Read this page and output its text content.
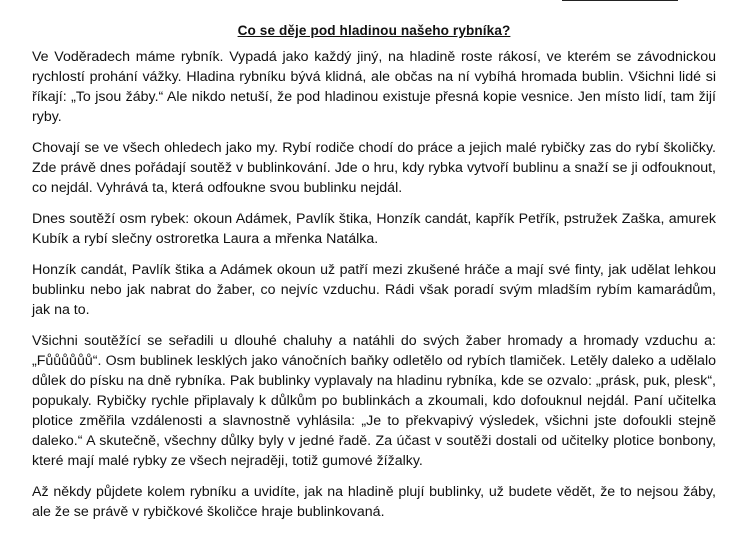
Co se děje pod hladinou našeho rybníka?

Ve Voděradech máme rybník. Vypadá jako každý jiný, na hladině roste rákosí, ve kterém se závodnickou rychlostí prohání vážky. Hladina rybníku bývá klidná, ale občas na ní vybíhá hromada bublin. Všichni lidé si říkají: „To jsou žáby.“ Ale nikdo netuší, že pod hladinou existuje přesná kopie vesnice. Jen místo lidí, tam žijí ryby.

Chovají se ve všech ohledech jako my. Rybí rodiče chodí do práce a jejich malé rybičky zas do rybí školičky. Zde právě dnes pořádají soutěž v bublinkování. Jde o hru, kdy rybka vytvoří bublinu a snaží se ji odfouknout, co nejdál. Vyhrává ta, která odfoukne svou bublinku nejdál.

Dnes soutěží osm rybek: okoun Adámek, Pavlík štika, Honzík candát, kapřík Petřík, pstružek Zaška, amurek Kubík a rybí slečny ostroretka Laura a mřenka Natálka.

Honzík candát, Pavlík štika a Adámek okoun už patří mezi zkušené hráče a mají své finty, jak udělat lehkou bublinku nebo jak nabrat do žaber, co nejvíc vzduchu. Rádi však poradí svým mladším rybím kamarádům, jak na to.

Všichni soutěžící se seřadili u dlouhé chaluhy a natáhli do svých žaber hromady a hromady vzduchu a: „Fůůůůůů“. Osm bublinek lesklých jako vánočních baňky odletělo od rybích tlamiček. Letěly daleko a udělalo důlek do písku na dně rybníka. Pak bublinky vyplavaly na hladinu rybníka, kde se ozvalo: „prásk, puk, plesk“, popukaly. Rybičky rychle připlavaly k důlkům po bublinkách a zkoumali, kdo dofouknul nejdál. Paní učitelka plotice změřila vzdálenosti a slavnostně vyhlásila: „Je to překvapivý výsledek, všichni jste dofoukli stejně daleko.“ A skutečně, všechny důlky byly v jedné řadě. Za účast v soutěži dostali od učitelky plotice bonbony, které mají malé rybky ze všech nejraději, totiž gumové žížalky.

Až někdy půjdete kolem rybníku a uvidíte, jak na hladině plují bublinky, už budete vědět, že to nejsou žáby, ale že se právě v rybičkové školičce hraje bublinkovaná.
